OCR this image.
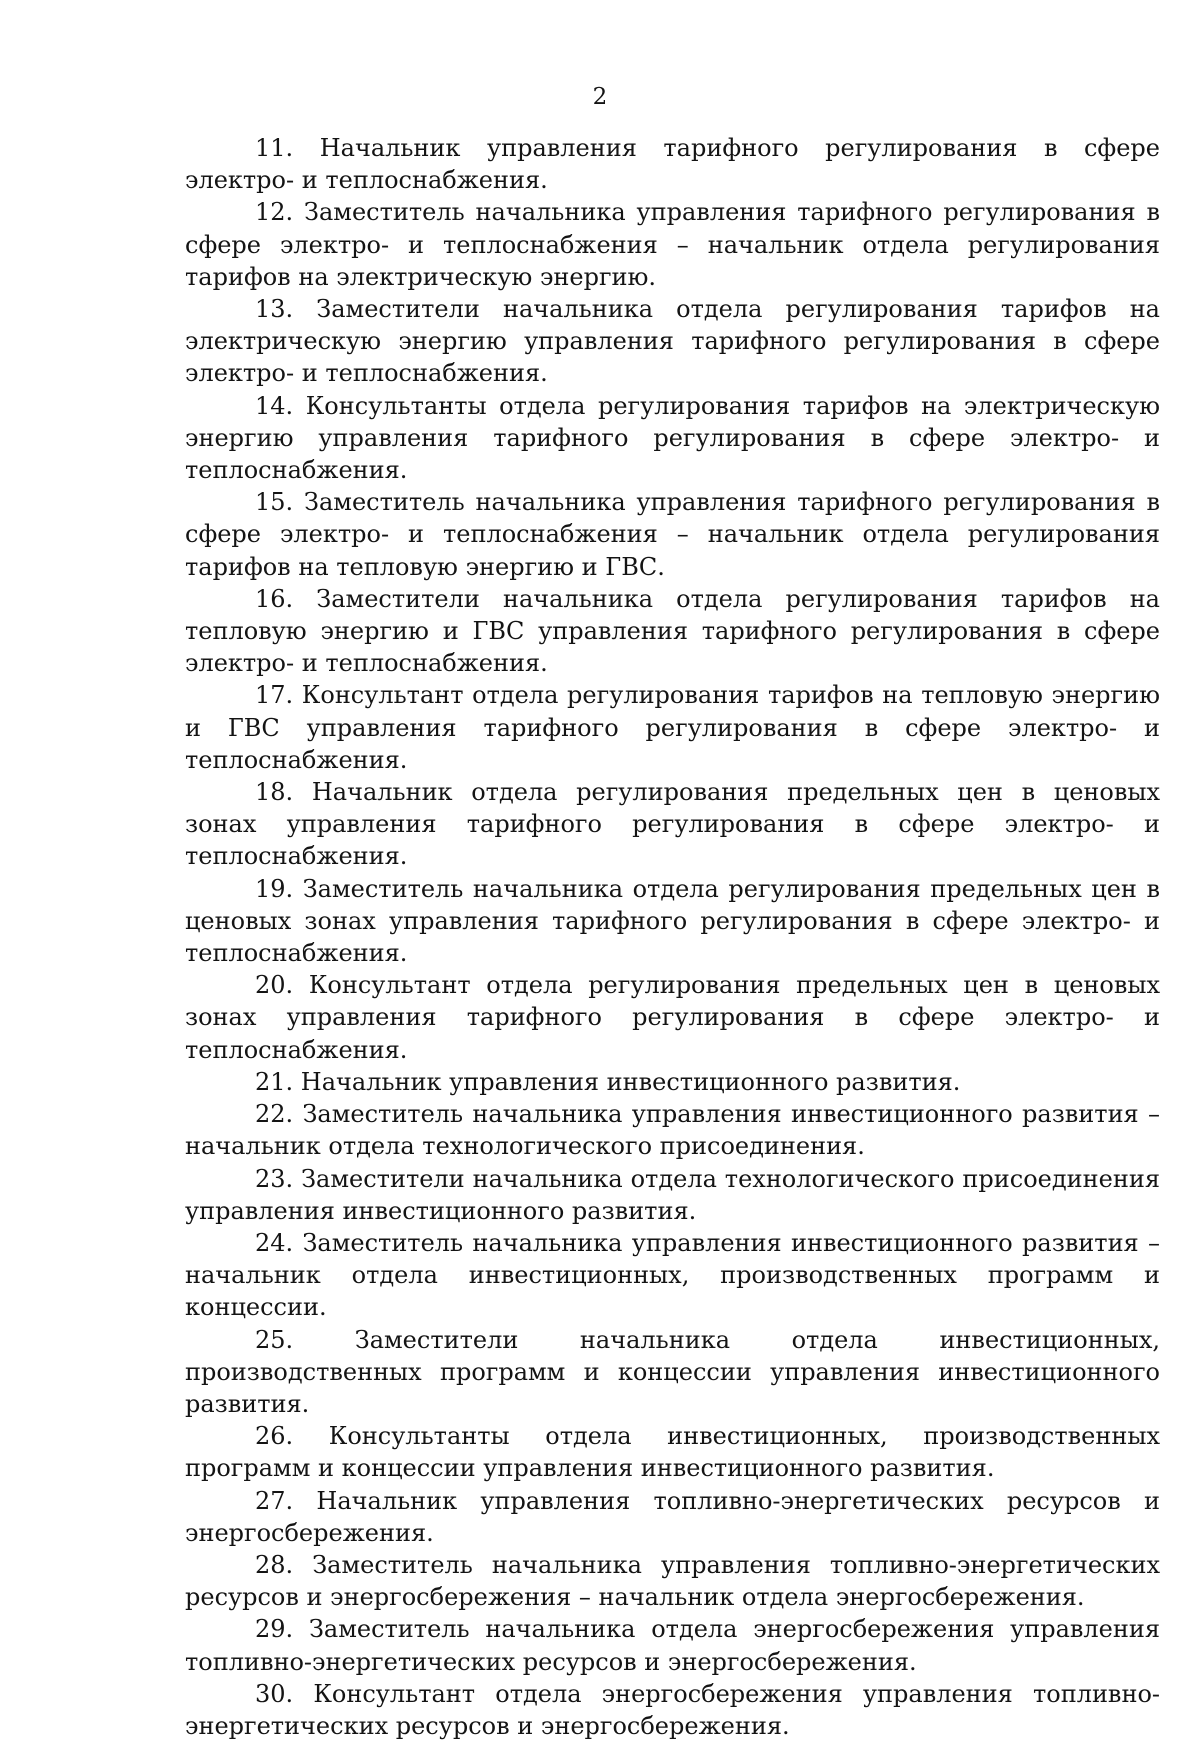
2

11. Начальник управления тарифного регулирования в сфере электро- и теплоснабжения.

12. Заместитель начальника управления тарифного регулирования в сфере электро- и теплоснабжения – начальник отдела регулирования тарифов на электрическую энергию.

13. Заместители начальника отдела регулирования тарифов на электрическую энергию управления тарифного регулирования в сфере электро- и теплоснабжения.

14. Консультанты отдела регулирования тарифов на электрическую энергию управления тарифного регулирования в сфере электро- и теплоснабжения.

15. Заместитель начальника управления тарифного регулирования в сфере электро- и теплоснабжения – начальник отдела регулирования тарифов на тепловую энергию и ГВС.

16. Заместители начальника отдела регулирования тарифов на тепловую энергию и ГВС управления тарифного регулирования в сфере электро- и теплоснабжения.

17. Консультант отдела регулирования тарифов на тепловую энергию и ГВС управления тарифного регулирования в сфере электро- и теплоснабжения.

18. Начальник отдела регулирования предельных цен в ценовых зонах управления тарифного регулирования в сфере электро- и теплоснабжения.

19. Заместитель начальника отдела регулирования предельных цен в ценовых зонах управления тарифного регулирования в сфере электро- и теплоснабжения.

20. Консультант отдела регулирования предельных цен в ценовых зонах управления тарифного регулирования в сфере электро- и теплоснабжения.

21. Начальник управления инвестиционного развития.

22. Заместитель начальника управления инвестиционного развития – начальник отдела технологического присоединения.

23. Заместители начальника отдела технологического присоединения управления инвестиционного развития.

24. Заместитель начальника управления инвестиционного развития – начальник отдела инвестиционных, производственных программ и концессии.

25. Заместители начальника отдела инвестиционных, производственных программ и концессии управления инвестиционного развития.

26. Консультанты отдела инвестиционных, производственных программ и концессии управления инвестиционного развития.

27. Начальник управления топливно-энергетических ресурсов и энергосбережения.

28. Заместитель начальника управления топливно-энергетических ресурсов и энергосбережения – начальник отдела энергосбережения.

29. Заместитель начальника отдела энергосбережения управления топливно-энергетических ресурсов и энергосбережения.

30. Консультант отдела энергосбережения управления топливно-энергетических ресурсов и энергосбережения.
